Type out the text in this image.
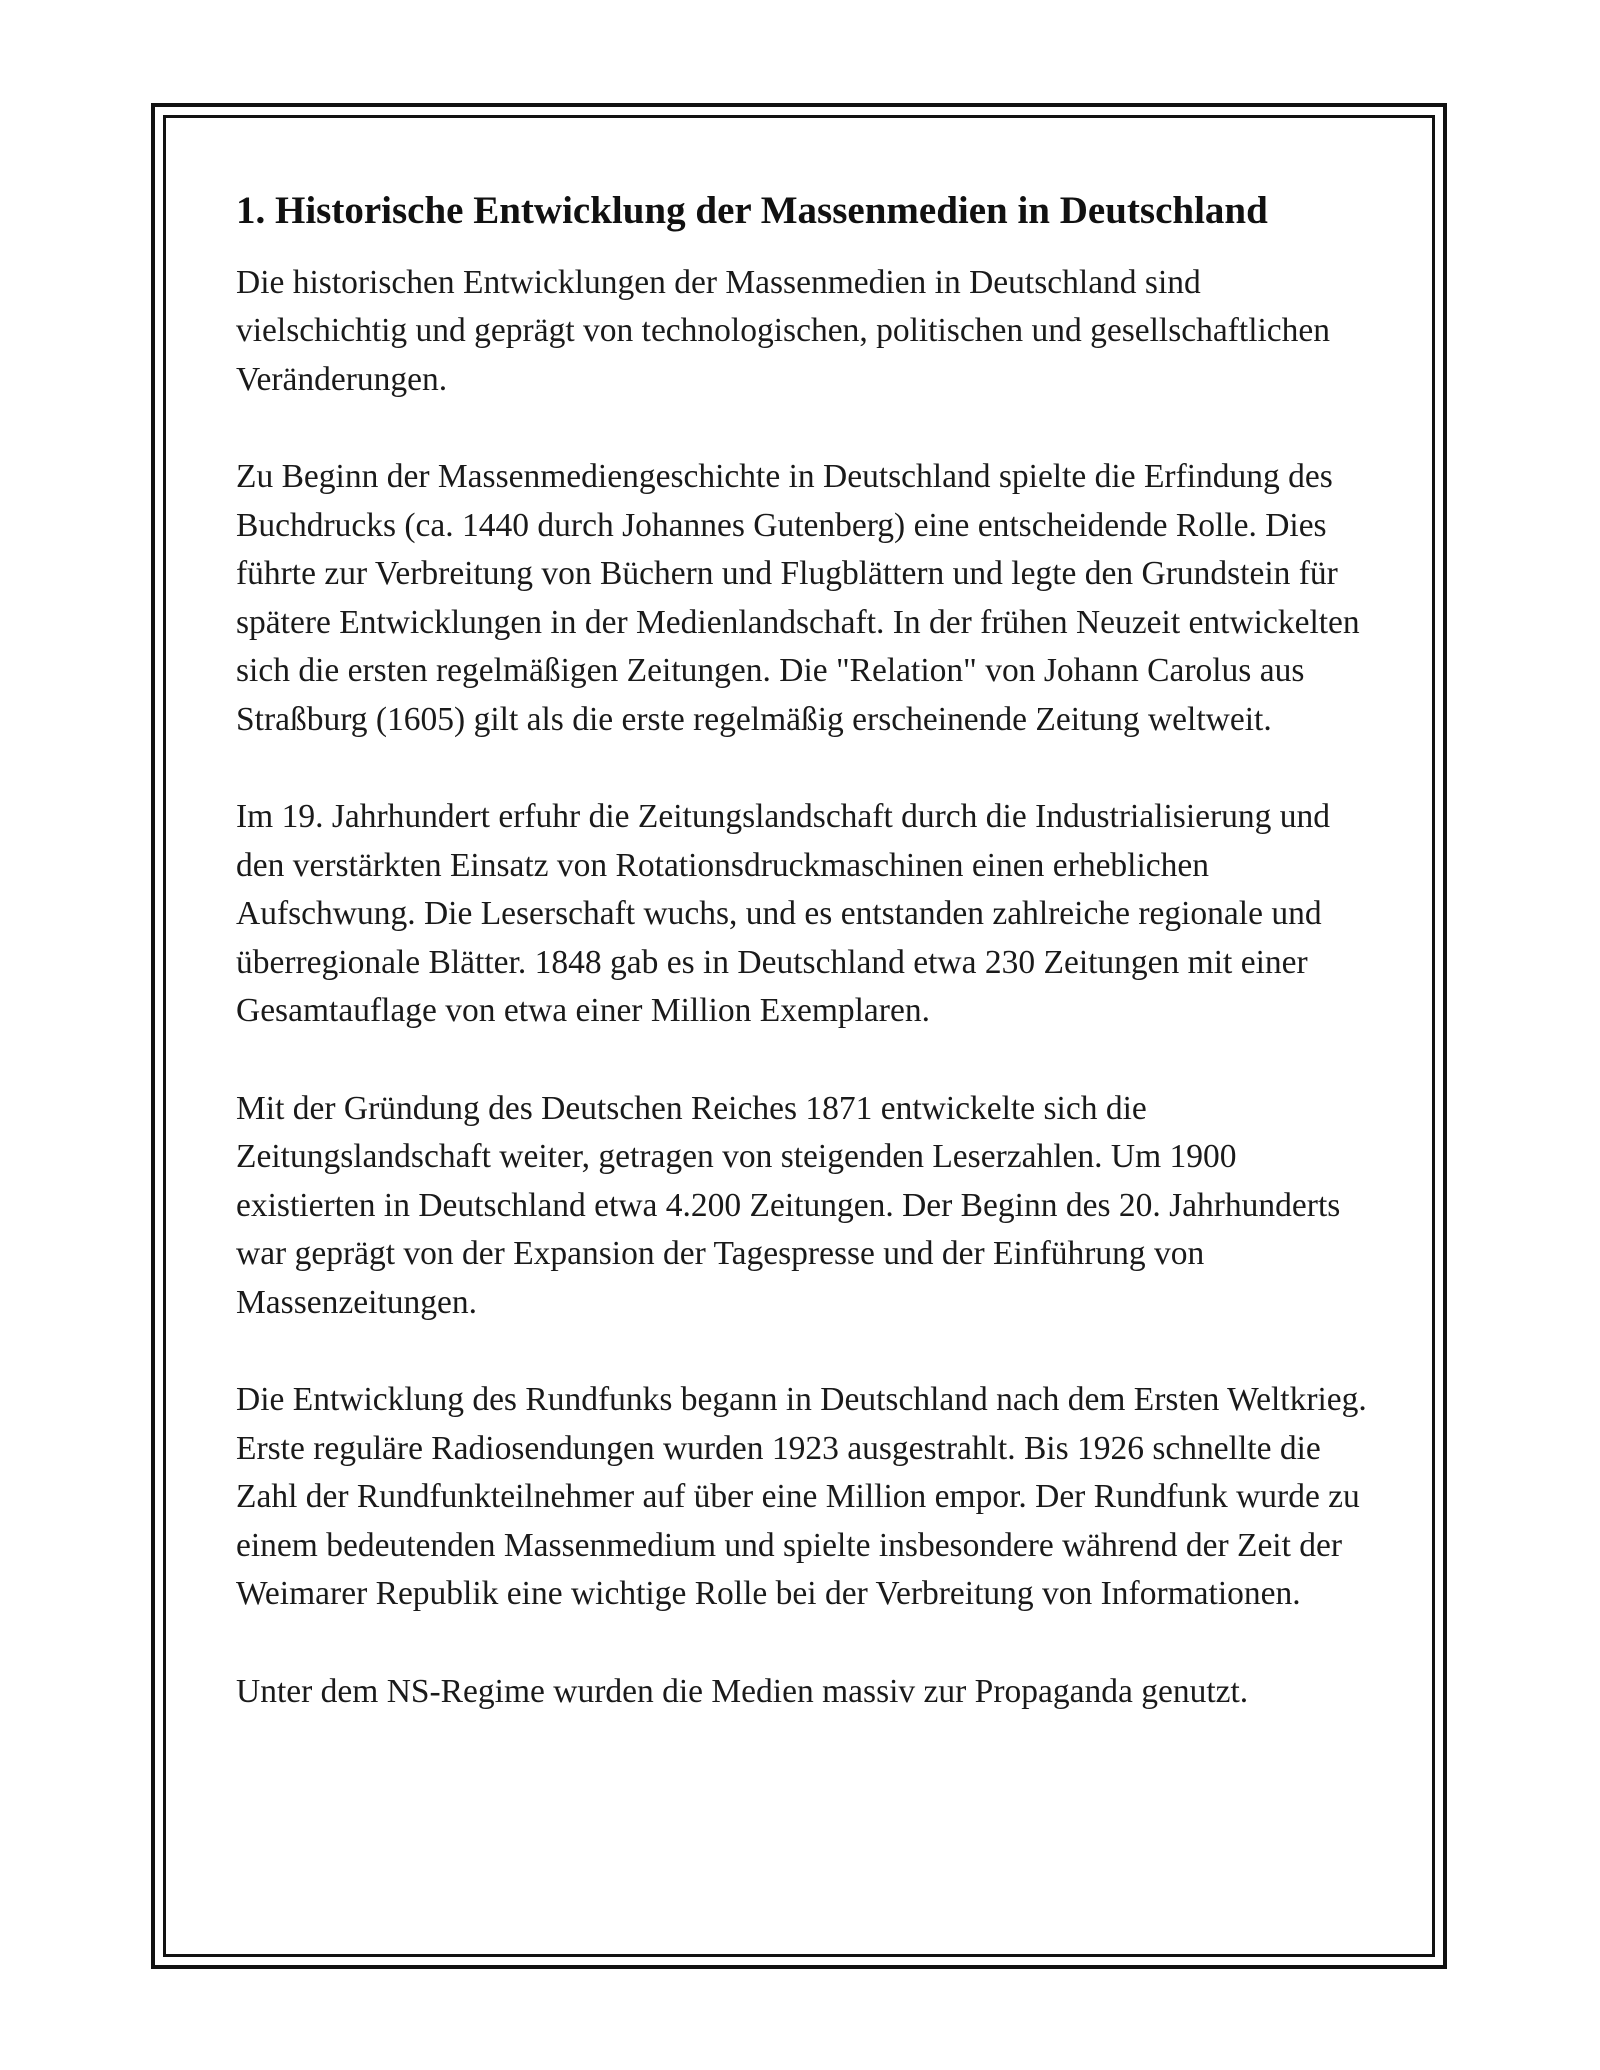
1. Historische Entwicklung der Massenmedien in Deutschland

Die historischen Entwicklungen der Massenmedien in Deutschland sind vielschichtig und geprägt von technologischen, politischen und gesellschaftlichen Veränderungen.

Zu Beginn der Massenmediengeschichte in Deutschland spielte die Erfindung des Buchdrucks (ca. 1440 durch Johannes Gutenberg) eine entscheidende Rolle. Dies führte zur Verbreitung von Büchern und Flugblättern und legte den Grundstein für spätere Entwicklungen in der Medienlandschaft. In der frühen Neuzeit entwickelten sich die ersten regelmäßigen Zeitungen. Die "Relation" von Johann Carolus aus Straßburg (1605) gilt als die erste regelmäßig erscheinende Zeitung weltweit.

Im 19. Jahrhundert erfuhr die Zeitungslandschaft durch die Industrialisierung und den verstärkten Einsatz von Rotationsdruckmaschinen einen erheblichen Aufschwung. Die Leserschaft wuchs, und es entstanden zahlreiche regionale und überregionale Blätter. 1848 gab es in Deutschland etwa 230 Zeitungen mit einer Gesamtauflage von etwa einer Million Exemplaren.

Mit der Gründung des Deutschen Reiches 1871 entwickelte sich die Zeitungslandschaft weiter, getragen von steigenden Leserzahlen. Um 1900 existierten in Deutschland etwa 4.200 Zeitungen. Der Beginn des 20. Jahrhunderts war geprägt von der Expansion der Tagespresse und der Einführung von Massenzeitungen.

Die Entwicklung des Rundfunks begann in Deutschland nach dem Ersten Weltkrieg. Erste reguläre Radiosendungen wurden 1923 ausgestrahlt. Bis 1926 schnellte die Zahl der Rundfunkteilnehmer auf über eine Million empor. Der Rundfunk wurde zu einem bedeutenden Massenmedium und spielte insbesondere während der Zeit der Weimarer Republik eine wichtige Rolle bei der Verbreitung von Informationen.

Unter dem NS-Regime wurden die Medien massiv zur Propaganda genutzt.
